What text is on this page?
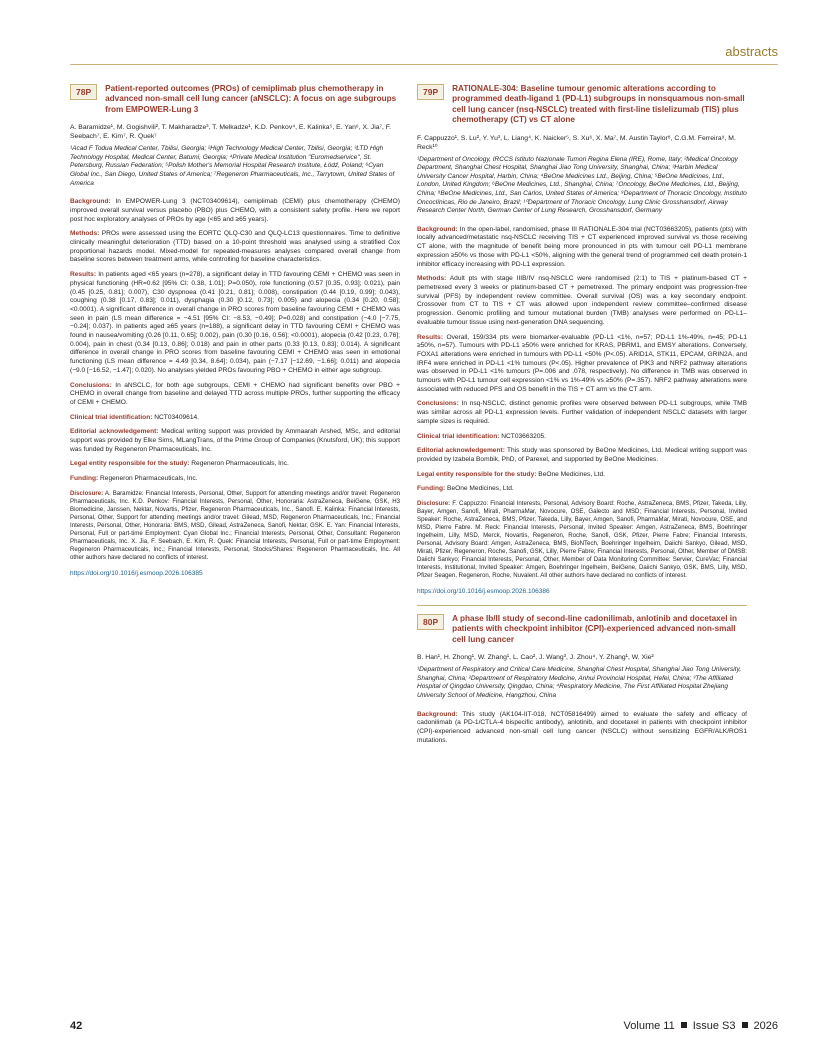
abstracts
78P	Patient-reported outcomes (PROs) of cemiplimab plus chemotherapy in advanced non-small cell lung cancer (aNSCLC): A focus on age subgroups from EMPOWER-Lung 3
A. Baramidze¹, M. Gogishvili², T. Makharadze³, T. Melkadze¹, K.D. Penkov⁴, E. Kalinka⁵, E. Yan⁶, X. Jia⁷, F. Seebach⁷, E. Kim⁷, R. Quek⁷
¹Acad F Todua Medical Center, Tbilisi, Georgia; ²High Technology Medical Center, Tbilisi, Georgia; ³LTD High Technology Hospital, Medical Center, Batumi, Georgia; ⁴Private Medical Institution "Euromedservice", St. Petersburg, Russian Federation; ⁵Polish Mother's Memorial Hospital Research Institute, Łódź, Poland; ⁶Cyan Global Inc., San Diego, United States of America; ⁷Regeneron Pharmaceuticals, Inc., Tarrytown, United States of America

Background: In EMPOWER-Lung 3 (NCT03409614), cemiplimab (CEMI) plus chemotherapy (CHEMO) improved overall survival versus placebo (PBO) plus CHEMO, with a consistent safety profile. Here we report post hoc exploratory analyses of PROs by age (<65 and ≥65 years).

Methods: PROs were assessed using the EORTC QLQ-C30 and QLQ-LC13 questionnaires. Time to definitive clinically meaningful deterioration (TTD) based on a 10-point threshold was analysed using a stratified Cox proportional hazards model. Mixed-model for repeated-measures analyses compared overall change from baseline scores between treatment arms, while controlling for baseline characteristics.

Results: In patients aged <65 years (n=278), a significant delay in TTD favouring CEMI + CHEMO was seen in physical functioning (HR=0.62 [95% CI: 0.38, 1.01]; P=0.050), role functioning (0.57 [0.35, 0.93]; 0.021), pain (0.45 [0.25, 0.81]; 0.007), C30 dyspnoea (0.41 [0.21, 0.81]; 0.008), constipation (0.44 [0.19, 0.99]; 0.043), coughing (0.38 [0.17, 0.83]; 0.011), dysphagia (0.30 [0.12, 0.73]; 0.005) and alopecia (0.34 [0.20, 0.58]; <0.0001). A significant difference in overall change in PRO scores from baseline favouring CEMI + CHEMO was seen in pain (LS mean difference = −4.51 [95% CI: −8.53, −0.49]; P=0.028) and constipation (−4.0 [−7.75, −0.24]; 0.037). In patients aged ≥65 years (n=188), a significant delay in TTD favouring CEMI + CHEMO was found in nausea/vomiting (0.26 [0.11, 0.65]; 0.002), pain (0.30 [0.16, 0.56]; <0.0001), alopecia (0.42 [0.23, 0.76]; 0.004), pain in chest (0.34 [0.13, 0.86]; 0.018) and pain in other parts (0.33 [0.13, 0.83]; 0.014). A significant difference in overall change in PRO scores from baseline favouring CEMI + CHEMO was seen in emotional functioning (LS mean difference = 4.49 [0.34, 8.64]; 0.034), pain (−7.17 [−12.69, −1.66]; 0.011) and alopecia (−9.0 [−16.52, −1.47]; 0.020). No analyses yielded PROs favouring PBO + CHEMO in either age subgroup.

Conclusions: In aNSCLC, for both age subgroups, CEMI + CHEMO had significant benefits over PBO + CHEMO in overall change from baseline and delayed TTD across multiple PROs, further supporting the efficacy of CEMI + CHEMO.

Clinical trial identification: NCT03409614.

Editorial acknowledgement: Medical writing support was provided by Ammaarah Arshed, MSc, and editorial support was provided by Elke Sims, MLangTrans, of the Prime Group of Companies (Knutsford, UK); this support was funded by Regeneron Pharmaceuticals, Inc.

Legal entity responsible for the study: Regeneron Pharmaceuticals, Inc.

Funding: Regeneron Pharmaceuticals, Inc.

Disclosure: A. Baramidze: Financial Interests, Personal, Other, Support for attending meetings and/or travel: Regeneron Pharmaceuticals, Inc. K.D. Penkov: Financial Interests, Personal, Other, Honoraria: AstraZeneca, BeiGene, GSK, H3 Biomedicine, Janssen, Nektar, Novartis, Pfizer, Regeneron Pharmaceuticals, Inc., Sanofi. E. Kalinka: Financial Interests, Personal, Other, Support for attending meetings and/or travel: Gilead, MSD, Regeneron Pharmaceuticals, Inc.; Financial Interests, Personal, Other, Honoraria: BMS, MSD, Gilead, AstraZeneca, Sanofi, Nektar, GSK. E. Yan: Financial Interests, Personal, Full or part-time Employment: Cyan Global Inc.; Financial Interests, Personal, Other, Consultant: Regeneron Pharmaceuticals, Inc. X. Jia, F. Seebach, E. Kim, R. Quek: Financial Interests, Personal, Full or part-time Employment: Regeneron Pharmaceuticals, Inc.; Financial Interests, Personal, Stocks/Shares: Regeneron Pharmaceuticals, Inc. All other authors have declared no conflicts of interest.

https://doi.org/10.1016/j.esmoop.2026.106385
79P	RATIONALE-304: Baseline tumour genomic alterations according to programmed death-ligand 1 (PD-L1) subgroups in nonsquamous non-small cell lung cancer (nsq-NSCLC) treated with first-line tislelizumab (TIS) plus chemotherapy (CT) vs CT alone
F. Cappuzzo¹, S. Lu², Y. Yu³, L. Liang⁴, K. Naicker⁵, S. Xu⁶, X. Ma⁷, M. Austin Taylor⁸, C.G.M. Ferreira⁹, M. Reck¹⁰
¹Department of Oncology, IRCCS Istituto Nazionale Tumori Regina Elena (IRE), Rome, Italy; ²Medical Oncology Department, Shanghai Chest Hospital, Shanghai Jiao Tong University, Shanghai, China; ³Harbin Medical University Cancer Hospital, Harbin, China; ⁴BeOne Medicines Ltd., Beijing, China; ⁵BeOne Medicines, Ltd., London, United Kingdom; ⁶BeOne Medicines, Ltd., Shanghai, China; ⁷Oncology, BeOne Medicines, Ltd., Beijing, China; ⁸BeOne Medicines, Ltd., San Carlos, United States of America; ⁹Department of Thoracic Oncology, Instituto Oncoclínicas, Rio de Janeiro, Brazil; ¹⁰Department of Thoracic Oncology, Lung Clinic Grosshansdorf, Airway Research Center North, German Center of Lung Research, Grosshansdorf, Germany

Background: In the open-label, randomised, phase III RATIONALE-304 trial (NCT03663205), patients (pts) with locally advanced/metastatic nsq-NSCLC receiving TIS + CT experienced improved survival vs those receiving CT alone, with the magnitude of benefit being more pronounced in pts with tumour cell PD-L1 membrane expression ≥50% vs those with PD-L1 <50%, aligning with the general trend of programmed cell death protein-1 inhibitor efficacy increasing with PD-L1 expression.

Methods: Adult pts with stage IIIB/IV nsq-NSCLC were randomised (2:1) to TIS + platinum-based CT + pemetrexed every 3 weeks or platinum-based CT + pemetrexed. The primary endpoint was progression-free survival (PFS) by independent review committee. Overall survival (OS) was a key secondary endpoint. Crossover from CT to TIS + CT was allowed upon independent review committee–confirmed disease progression. Genomic profiling and tumour mutational burden (TMB) analyses were performed on PD-L1–evaluable tumour tissue using next-generation DNA sequencing.

Results: Overall, 159/334 pts were biomarker-evaluable (PD-L1 <1%, n=57; PD-L1 1%-49%, n=45; PD-L1 ≥50%, n=57). Tumours with PD-L1 ≥50% were enriched for KRAS, PBRM1, and EMSY alterations. Conversely, FOXA1 alterations were enriched in tumours with PD-L1 <50% (P<.05). ARID1A, STK11, EPCAM, GRIN2A, and IRF4 were enriched in PD-L1 <1% tumours (P<.05). Higher prevalence of PIK3 and NRF2 pathway alterations was observed in PD-L1 <1% tumours (P=.006 and .078, respectively). No difference in TMB was observed in tumours with PD-L1 tumour cell expression <1% vs 1%-49% vs ≥50% (P=.357). NRF2 pathway alterations were associated with reduced PFS and OS benefit in the TIS + CT arm vs the CT arm.

Conclusions: In nsq-NSCLC, distinct genomic profiles were observed between PD-L1 subgroups, while TMB was similar across all PD-L1 expression levels. Further validation of independent NSCLC datasets with larger sample sizes is required.

Clinical trial identification: NCT03663205.

Editorial acknowledgement: This study was sponsored by BeOne Medicines, Ltd. Medical writing support was provided by Izabela Bombik, PhD, of Parexel, and supported by BeOne Medicines.

Legal entity responsible for the study: BeOne Medicines, Ltd.

Funding: BeOne Medicines, Ltd.

Disclosure: F. Cappuzzo: Financial Interests, Personal, Advisory Board: Roche, AstraZeneca, BMS, Pfizer, Takeda, Lilly, Bayer, Amgen, Sanofi, Mirati, PharmaMar, Novocure, OSE, Galecto and MSD; Financial Interests, Personal, Invited Speaker: Roche, AstraZeneca, BMS, Pfizer, Takeda, Lilly, Bayer, Amgen, Sanofi, PharmaMar, Mirati, Novocure, OSE, and MSD, Pierre Fabre. M. Reck: Financial Interests, Personal, Invited Speaker: Amgen, AstraZeneca, BMS, Boehringer Ingelheim, Lilly, MSD, Merck, Novartis, Regeneron, Roche, Sanofi, GSK, Pfizer, Pierre Fabre; Financial Interests, Personal, Advisory Board: Amgen, AstraZeneca, BMS, BioNTech, Boehringer Ingelheim, Daiichi Sankyo, Gilead, MSD, Mirati, Pfizer, Regeneron, Roche, Sanofi, GSK, Lilly, Pierre Fabre; Financial Interests, Personal, Other, Member of DMSB: Daiichi Sankyo; Financial Interests, Personal, Other, Member of Data Monitoring Committee: Servier, CureVac; Financial Interests, Institutional, Invited Speaker: Amgen, Boehringer Ingelheim, BeiGene, Daiichi Sankyo, GSK, BMS, Lilly, MSD, Pfizer Seagen, Regeneron, Roche, Nuvalent. All other authors have declared no conflicts of interest.

https://doi.org/10.1016/j.esmoop.2026.106386
80P	A phase Ib/II study of second-line cadonilimab, anlotinib and docetaxel in patients with checkpoint inhibitor (CPI)-experienced advanced non-small cell lung cancer
B. Han¹, H. Zhong¹, W. Zhang¹, L. Cao², J. Wang³, J. Zhou⁴, Y. Zhang¹, W. Xie²
¹Department of Respiratory and Critical Care Medicine, Shanghai Chest Hospital, Shanghai Jiao Tong University, Shanghai, China; ²Department of Respiratory Medicine, Anhui Provincial Hospital, Hefei, China; ³The Affiliated Hospital of Qingdao University, Qingdao, China; ⁴Respiratory Medicine, The First Affiliated Hospital Zhejiang University School of Medicine, Hangzhou, China

Background: This study (AK104-IIT-018, NCT05816499) aimed to evaluate the safety and efficacy of cadonilimab (a PD-1/CTLA-4 bispecific antibody), anlotinib, and docetaxel in patients with checkpoint inhibitor (CPI)-experienced advanced non-small cell lung cancer (NSCLC) without sensitizing EGFR/ALK/ROS1 mutations.

42	Volume 11 Issue S3 2026
